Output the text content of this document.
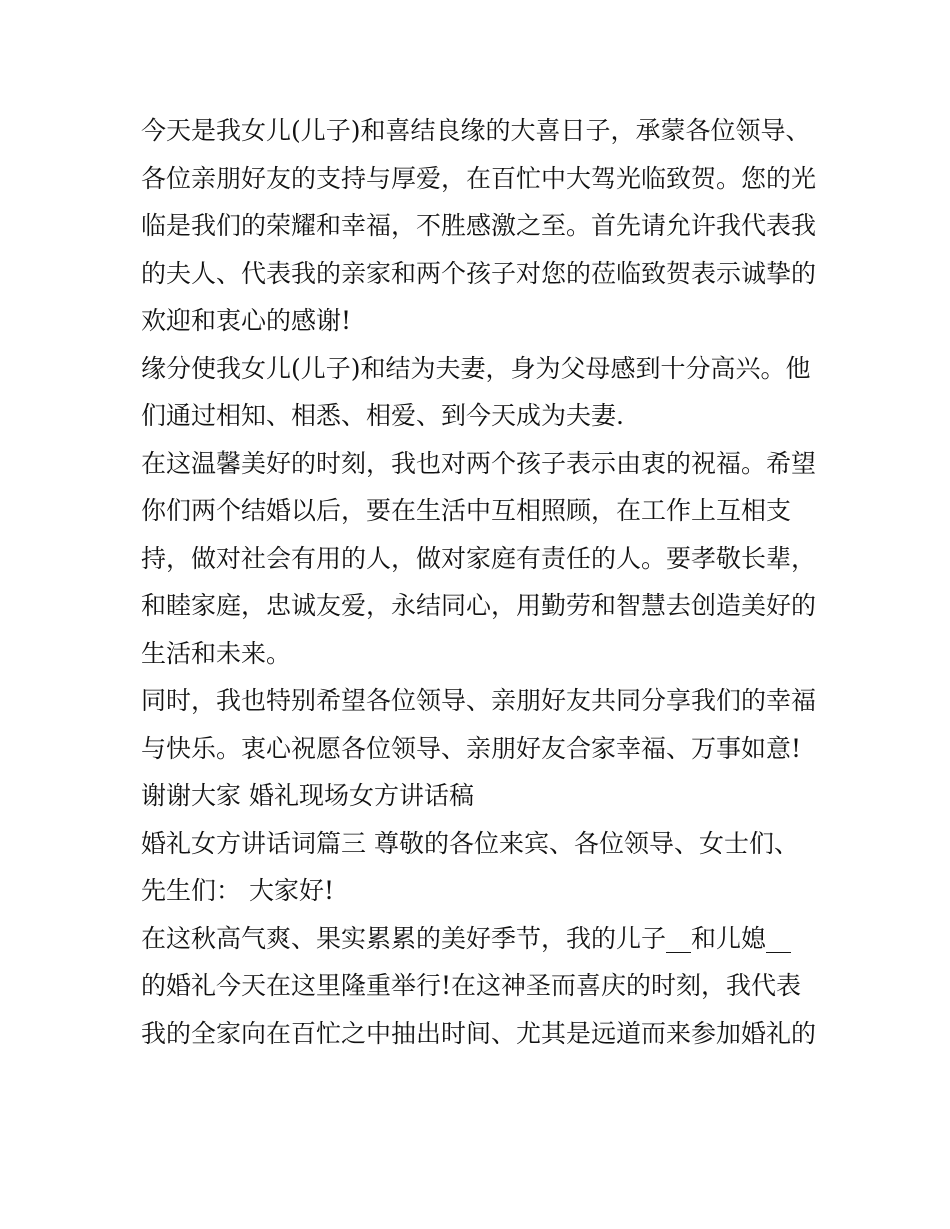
今天是我女儿(儿子)和喜结良缘的大喜日子，承蒙各位领导、
各位亲朋好友的支持与厚爱，在百忙中大驾光临致贺。您的光
临是我们的荣耀和幸福，不胜感激之至。首先请允许我代表我
的夫人、代表我的亲家和两个孩子对您的莅临致贺表示诚挚的
欢迎和衷心的感谢!
缘分使我女儿(儿子)和结为夫妻，身为父母感到十分高兴。他
们通过相知、相悉、相爱、到今天成为夫妻.
在这温馨美好的时刻，我也对两个孩子表示由衷的祝福。希望
你们两个结婚以后，要在生活中互相照顾，在工作上互相支
持，做对社会有用的人，做对家庭有责任的人。要孝敬长辈，
和睦家庭，忠诚友爱，永结同心，用勤劳和智慧去创造美好的
生活和未来。
同时，我也特别希望各位领导、亲朋好友共同分享我们的幸福
与快乐。衷心祝愿各位领导、亲朋好友合家幸福、万事如意!
谢谢大家 婚礼现场女方讲话稿
婚礼女方讲话词篇三 尊敬的各位来宾、各位领导、女士们、
先生们： 大家好!
在这秋高气爽、果实累累的美好季节，我的儿子__和儿媳__
的婚礼今天在这里隆重举行!在这神圣而喜庆的时刻，我代表
我的全家向在百忙之中抽出时间、尤其是远道而来参加婚礼的
